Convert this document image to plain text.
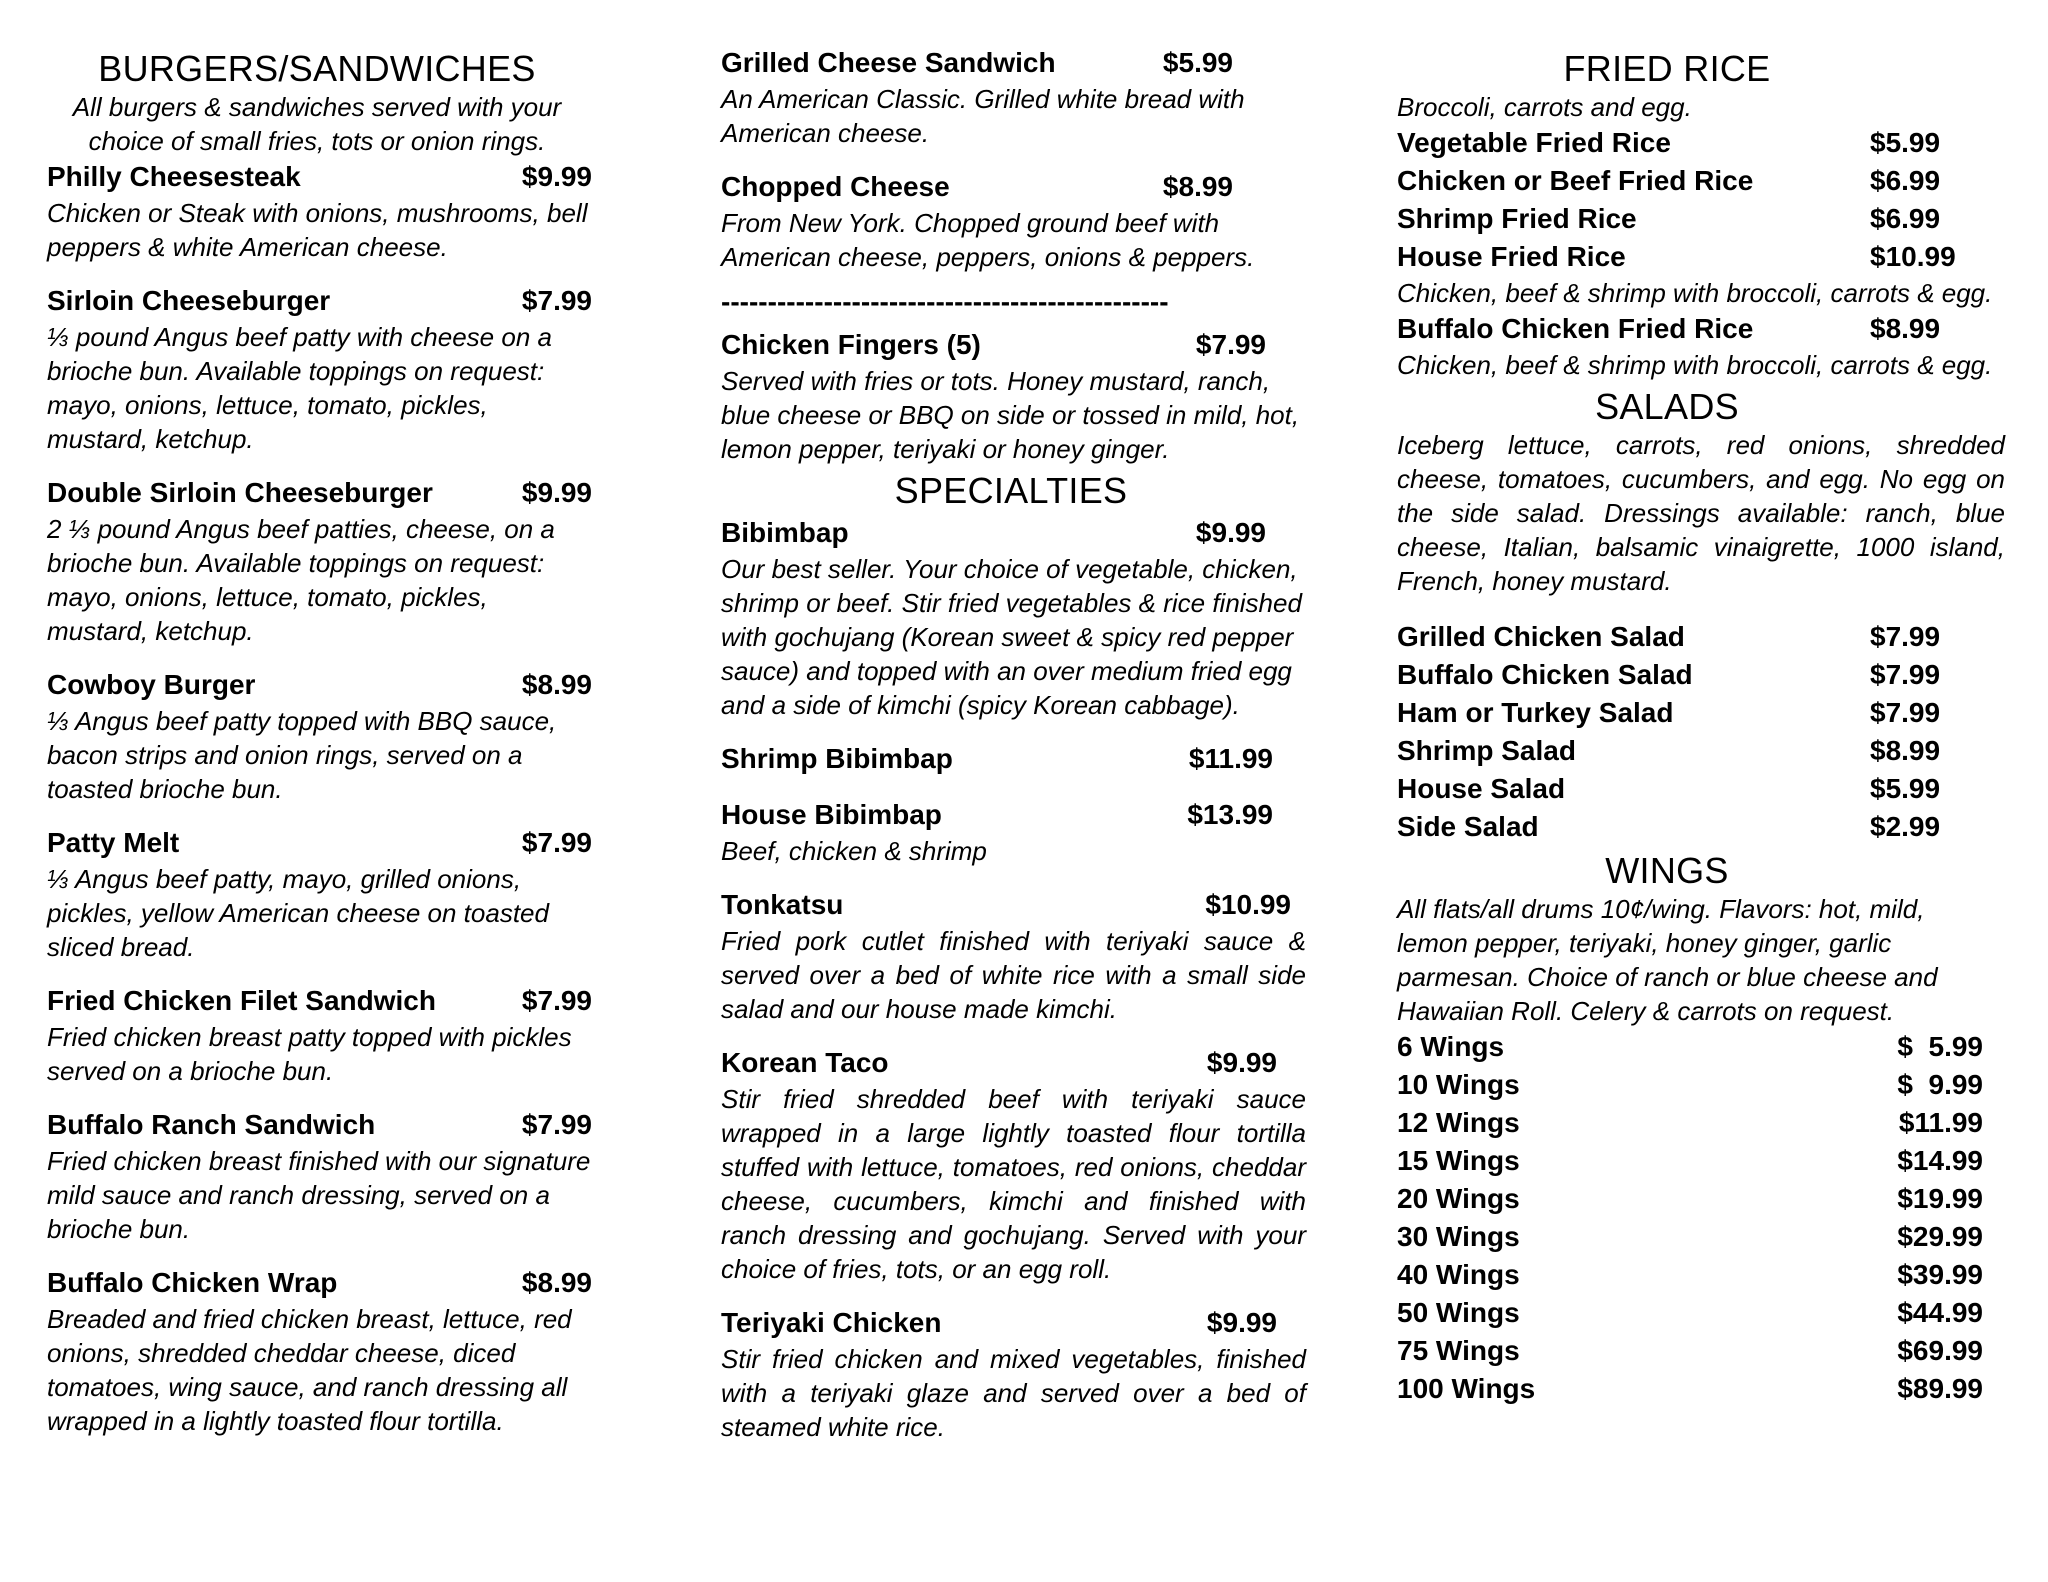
BURGERS/SANDWICHES

All burgers & sandwiches served with your choice of small fries, tots or onion rings.

Philly Cheesesteak	$9.99

Chicken or Steak with onions, mushrooms, bell peppers & white American cheese.

Sirloin Cheeseburger	$7.99

⅓ pound Angus beef patty with cheese on a brioche bun. Available toppings on request: mayo, onions, lettuce, tomato, pickles, mustard, ketchup.

Double Sirloin Cheeseburger	$9.99

2 ⅓ pound Angus beef patties, cheese, on a brioche bun. Available toppings on request: mayo, onions, lettuce, tomato, pickles, mustard, ketchup.

Cowboy Burger	$8.99

⅓ Angus beef patty topped with BBQ sauce, bacon strips and onion rings, served on a toasted brioche bun.

Patty Melt	$7.99

⅓ Angus beef patty, mayo, grilled onions, pickles, yellow American cheese on toasted sliced bread.

Fried Chicken Filet Sandwich	$7.99

Fried chicken breast patty topped with pickles served on a brioche bun.

Buffalo Ranch Sandwich	$7.99

Fried chicken breast finished with our signature mild sauce and ranch dressing, served on a brioche bun.

Buffalo Chicken Wrap	$8.99

Breaded and fried chicken breast, lettuce, red onions, shredded cheddar cheese, diced tomatoes, wing sauce, and ranch dressing all wrapped in a lightly toasted flour tortilla.

Grilled Cheese Sandwich	$5.99

An American Classic. Grilled white bread with American cheese.

Chopped Cheese	$8.99

From New York. Chopped ground beef with American cheese, peppers, onions & peppers.

------------------------------------------------
Chicken Fingers (5)	$7.99

Served with fries or tots. Honey mustard, ranch, blue cheese or BBQ on side or tossed in mild, hot, lemon pepper, teriyaki or honey ginger.

SPECIALTIES
Bibimbap	$9.99

Our best seller. Your choice of vegetable, chicken, shrimp or beef. Stir fried vegetables & rice finished with gochujang (Korean sweet & spicy red pepper sauce) and topped with an over medium fried egg and a side of kimchi (spicy Korean cabbage).

Shrimp Bibimbap	$11.99
House Bibimbap	$13.99

Beef, chicken & shrimp

Tonkatsu	$10.99

Fried pork cutlet finished with teriyaki sauce & served over a bed of white rice with a small side salad and our house made kimchi.

Korean Taco	$9.99

Stir fried shredded beef with teriyaki sauce wrapped in a large lightly toasted flour tortilla stuffed with lettuce, tomatoes, red onions, cheddar cheese, cucumbers, kimchi and finished with ranch dressing and gochujang. Served with your choice of fries, tots, or an egg roll.

Teriyaki Chicken	$9.99

Stir fried chicken and mixed vegetables, finished with a teriyaki glaze and served over a bed of steamed white rice.

FRIED RICE

Broccoli, carrots and egg.

Vegetable Fried Rice	$5.99
Chicken or Beef Fried Rice	$6.99
Shrimp Fried Rice	$6.99
House Fried Rice	$10.99

Chicken, beef & shrimp with broccoli, carrots & egg.

Buffalo Chicken Fried Rice	$8.99

Chicken, beef & shrimp with broccoli, carrots & egg.

SALADS

Iceberg lettuce, carrots, red onions, shredded cheese, tomatoes, cucumbers, and egg. No egg on the side salad. Dressings available: ranch, blue cheese, Italian, balsamic vinaigrette, 1000 island, French, honey mustard.

Grilled Chicken Salad	$7.99
Buffalo Chicken Salad	$7.99
Ham or Turkey Salad	$7.99
Shrimp Salad	$8.99
House Salad	$5.99
Side Salad	$2.99
WINGS

All flats/all drums 10¢/wing. Flavors: hot, mild, lemon pepper, teriyaki, honey ginger, garlic parmesan. Choice of ranch or blue cheese and Hawaiian Roll. Celery & carrots on request.

6 Wings	$  5.99
10 Wings	$  9.99
12 Wings	$11.99
15 Wings	$14.99
20 Wings	$19.99
30 Wings	$29.99
40 Wings	$39.99
50 Wings	$44.99
75 Wings	$69.99
100 Wings	$89.99
